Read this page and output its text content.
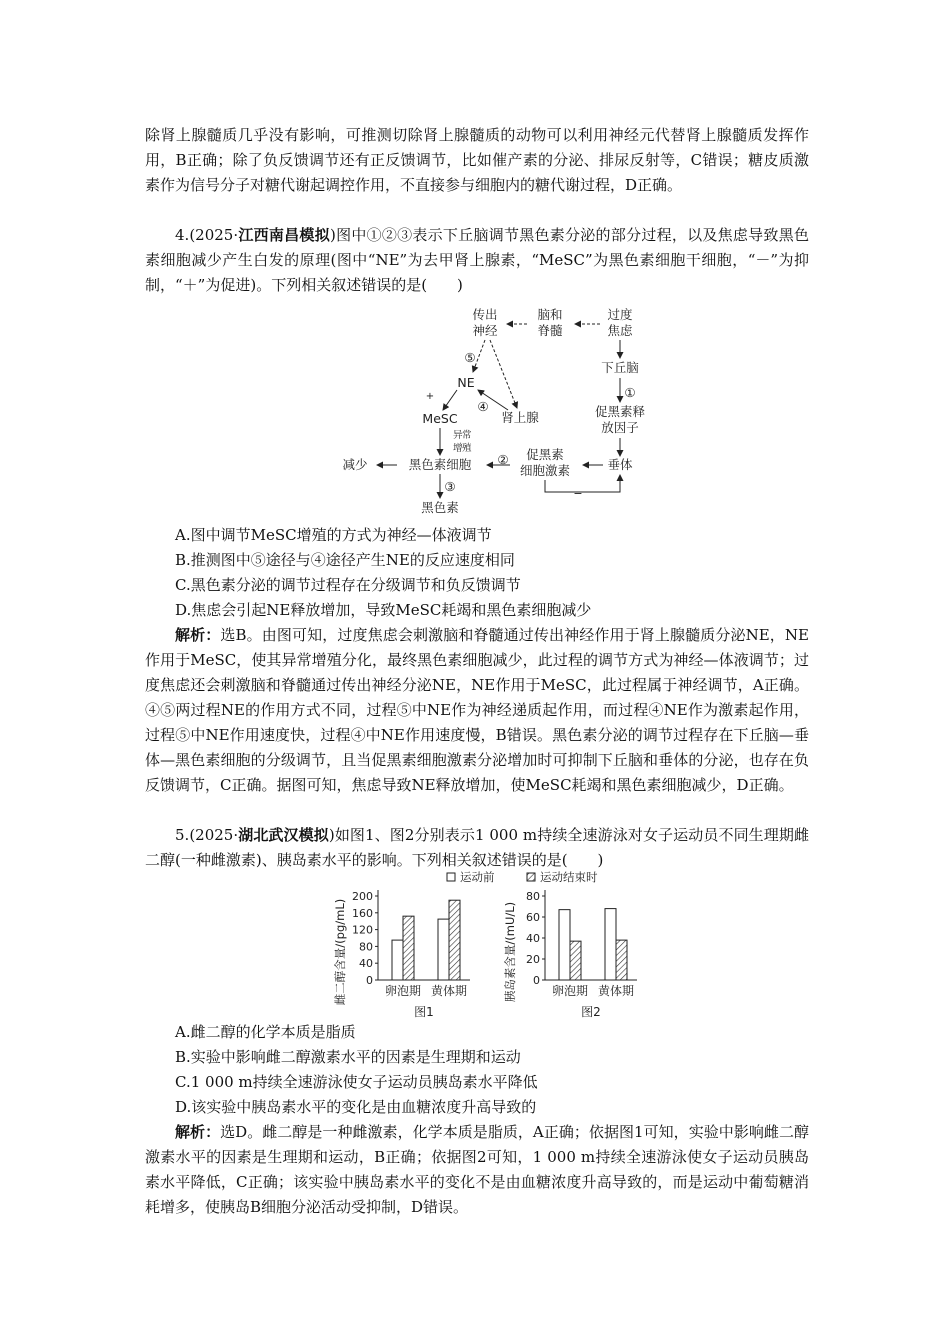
除肾上腺髓质几乎没有影响，可推测切除肾上腺髓质的动物可以利用神经元代替肾上腺髓质发挥作用，B正确；除了负反馈调节还有正反馈调节，比如催产素的分泌、排尿反射等，C错误；糖皮质激素作为信号分子对糖代谢起调控作用，不直接参与细胞内的糖代谢过程，D正确。

4.(2025·江西南昌模拟)图中①②③表示下丘脑调节黑色素分泌的部分过程，以及焦虑导致黑色素细胞减少产生白发的原理(图中“NE”为去甲肾上腺素，“MeSC”为黑色素细胞干细胞，“－”为抑制，“＋”为促进)。下列相关叙述错误的是(　　)

传出
神经
脑和
脊髓
过度
焦虑
下丘脑
①
促黑素释
放因子
⑤
NE
+
④
肾上腺
MeSC
异 常
增 殖
减少	黑色素细胞 ② 促黑素
细胞激素	垂体
−
③
黑色素

A.图中调节MeSC增殖的方式为神经—体液调节

B.推测图中⑤途径与④途径产生NE的反应速度相同

C.黑色素分泌的调节过程存在分级调节和负反馈调节

D.焦虑会引起NE释放增加，导致MeSC耗竭和黑色素细胞减少

解析：选B。由图可知，过度焦虑会刺激脑和脊髓通过传出神经作用于肾上腺髓质分泌NE，NE作用于MeSC，使其异常增殖分化，最终黑色素细胞减少，此过程的调节方式为神经—体液调节；过度焦虑还会刺激脑和脊髓通过传出神经分泌NE，NE作用于MeSC，此过程属于神经调节，A正确。④⑤两过程NE的作用方式不同，过程⑤中NE作为神经递质起作用，而过程④NE作为激素起作用，过程⑤中NE作用速度快，过程④中NE作用速度慢，B错误。黑色素分泌的调节过程存在下丘脑—垂体—黑色素细胞的分级调节，且当促黑素细胞激素分泌增加时可抑制下丘脑和垂体的分泌，也存在负反馈调节，C正确。据图可知，焦虑导致NE释放增加，使MeSC耗竭和黑色素细胞减少，D正确。

5.(2025·湖北武汉模拟)如图1、图2分别表示1 000 m持续全速游泳对女子运动员不同生理期雌二醇(一种雌激素)、胰岛素水平的影响。下列相关叙述错误的是(　　)

运动前	运动结束时
0
40
80
120
160
200
雌二醇含量/(pg/mL)	卵泡期 黄体期
图1
0
20
40
60
80
胰岛素含量/(mU/L)	卵泡期 黄体期
图2

A.雌二醇的化学本质是脂质

B.实验中影响雌二醇激素水平的因素是生理期和运动

C.1 000 m持续全速游泳使女子运动员胰岛素水平降低

D.该实验中胰岛素水平的变化是由血糖浓度升高导致的

解析：选D。雌二醇是一种雌激素，化学本质是脂质，A正确；依据图1可知，实验中影响雌二醇激素水平的因素是生理期和运动，B正确；依据图2可知，1 000 m持续全速游泳使女子运动员胰岛素水平降低，C正确；该实验中胰岛素水平的变化不是由血糖浓度升高导致的，而是运动中葡萄糖消耗增多，使胰岛B细胞分泌活动受抑制，D错误。
